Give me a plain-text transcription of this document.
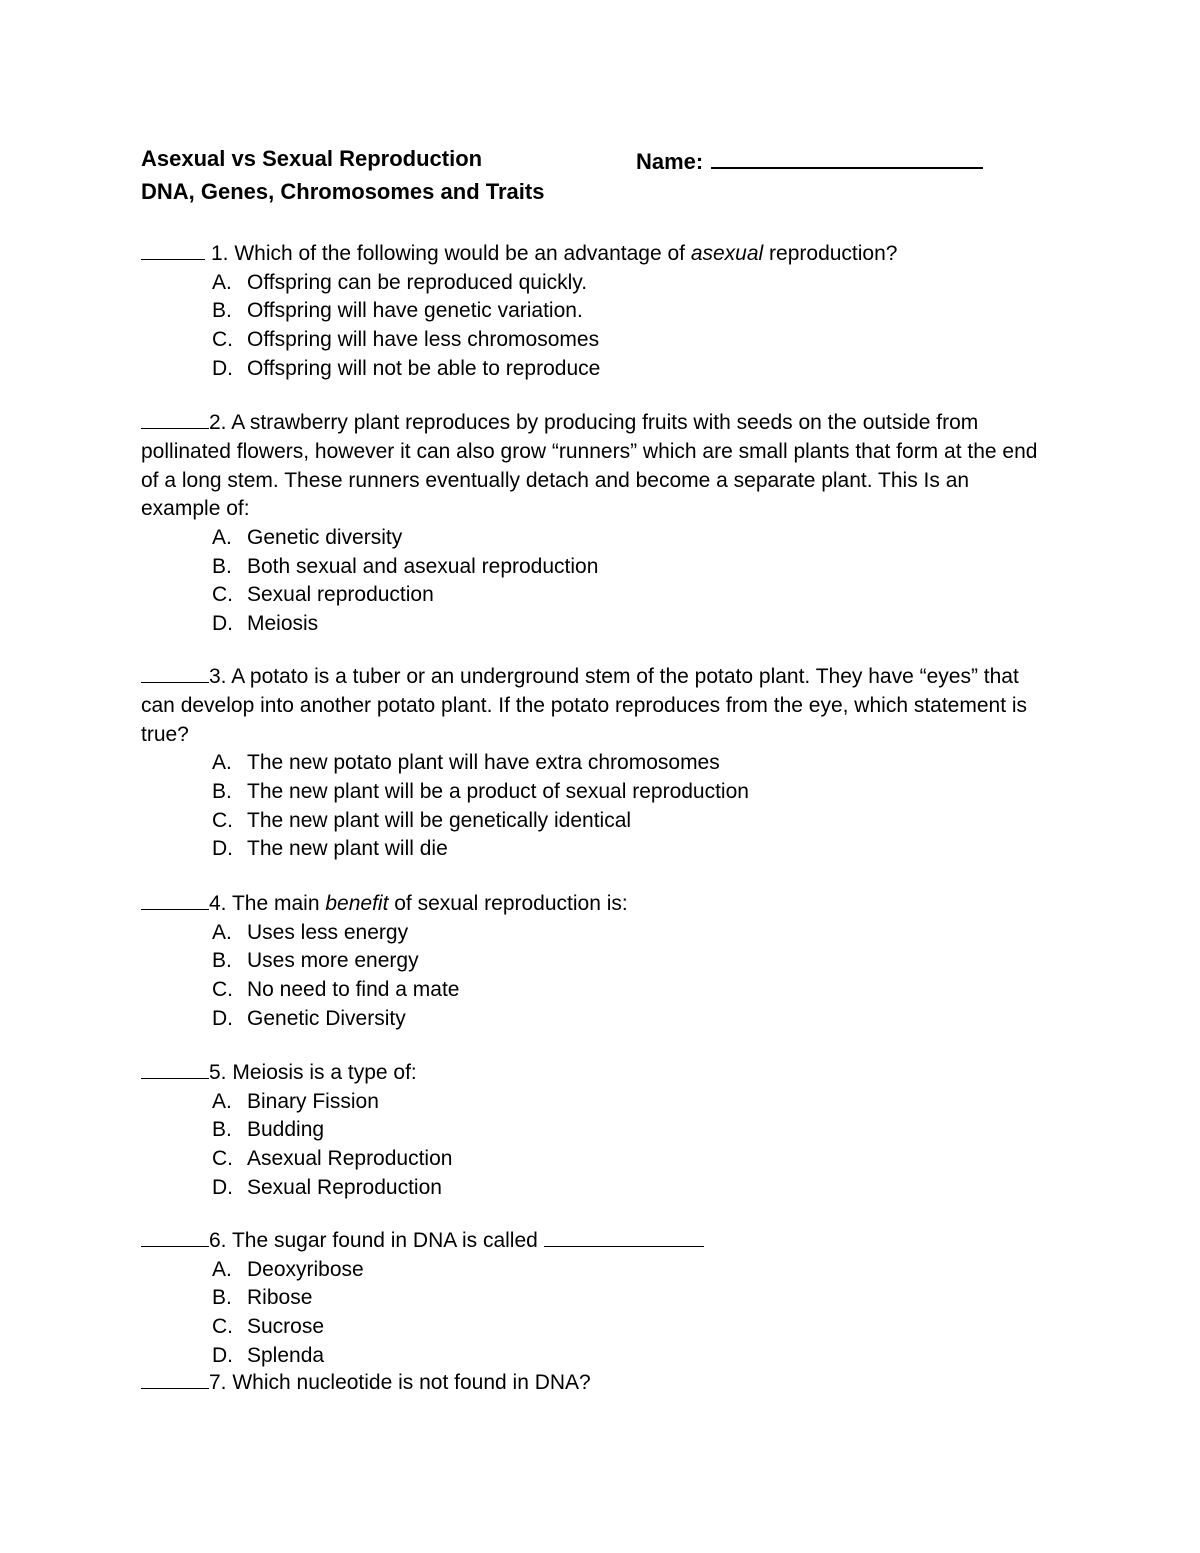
Asexual vs Sexual Reproduction
DNA, Genes, Chromosomes and Traits
Name:
1. Which of the following would be an advantage of asexual reproduction?
A. Offspring can be reproduced quickly.
B. Offspring will have genetic variation.
C. Offspring will have less chromosomes
D. Offspring will not be able to reproduce
2. A strawberry plant reproduces by producing fruits with seeds on the outside from pollinated flowers, however it can also grow “runners” which are small plants that form at the end of a long stem. These runners eventually detach and become a separate plant. This Is an example of:
A. Genetic diversity
B. Both sexual and asexual reproduction
C. Sexual reproduction
D. Meiosis
3. A potato is a tuber or an underground stem of the potato plant. They have “eyes” that can develop into another potato plant. If the potato reproduces from the eye, which statement is true?
A. The new potato plant will have extra chromosomes
B. The new plant will be a product of sexual reproduction
C. The new plant will be genetically identical
D. The new plant will die
4. The main benefit of sexual reproduction is:
A. Uses less energy
B. Uses more energy
C. No need to find a mate
D. Genetic Diversity
5. Meiosis is a type of:
A. Binary Fission
B. Budding
C. Asexual Reproduction
D. Sexual Reproduction
6. The sugar found in DNA is called
A. Deoxyribose
B. Ribose
C. Sucrose
D. Splenda
7. Which nucleotide is not found in DNA?
